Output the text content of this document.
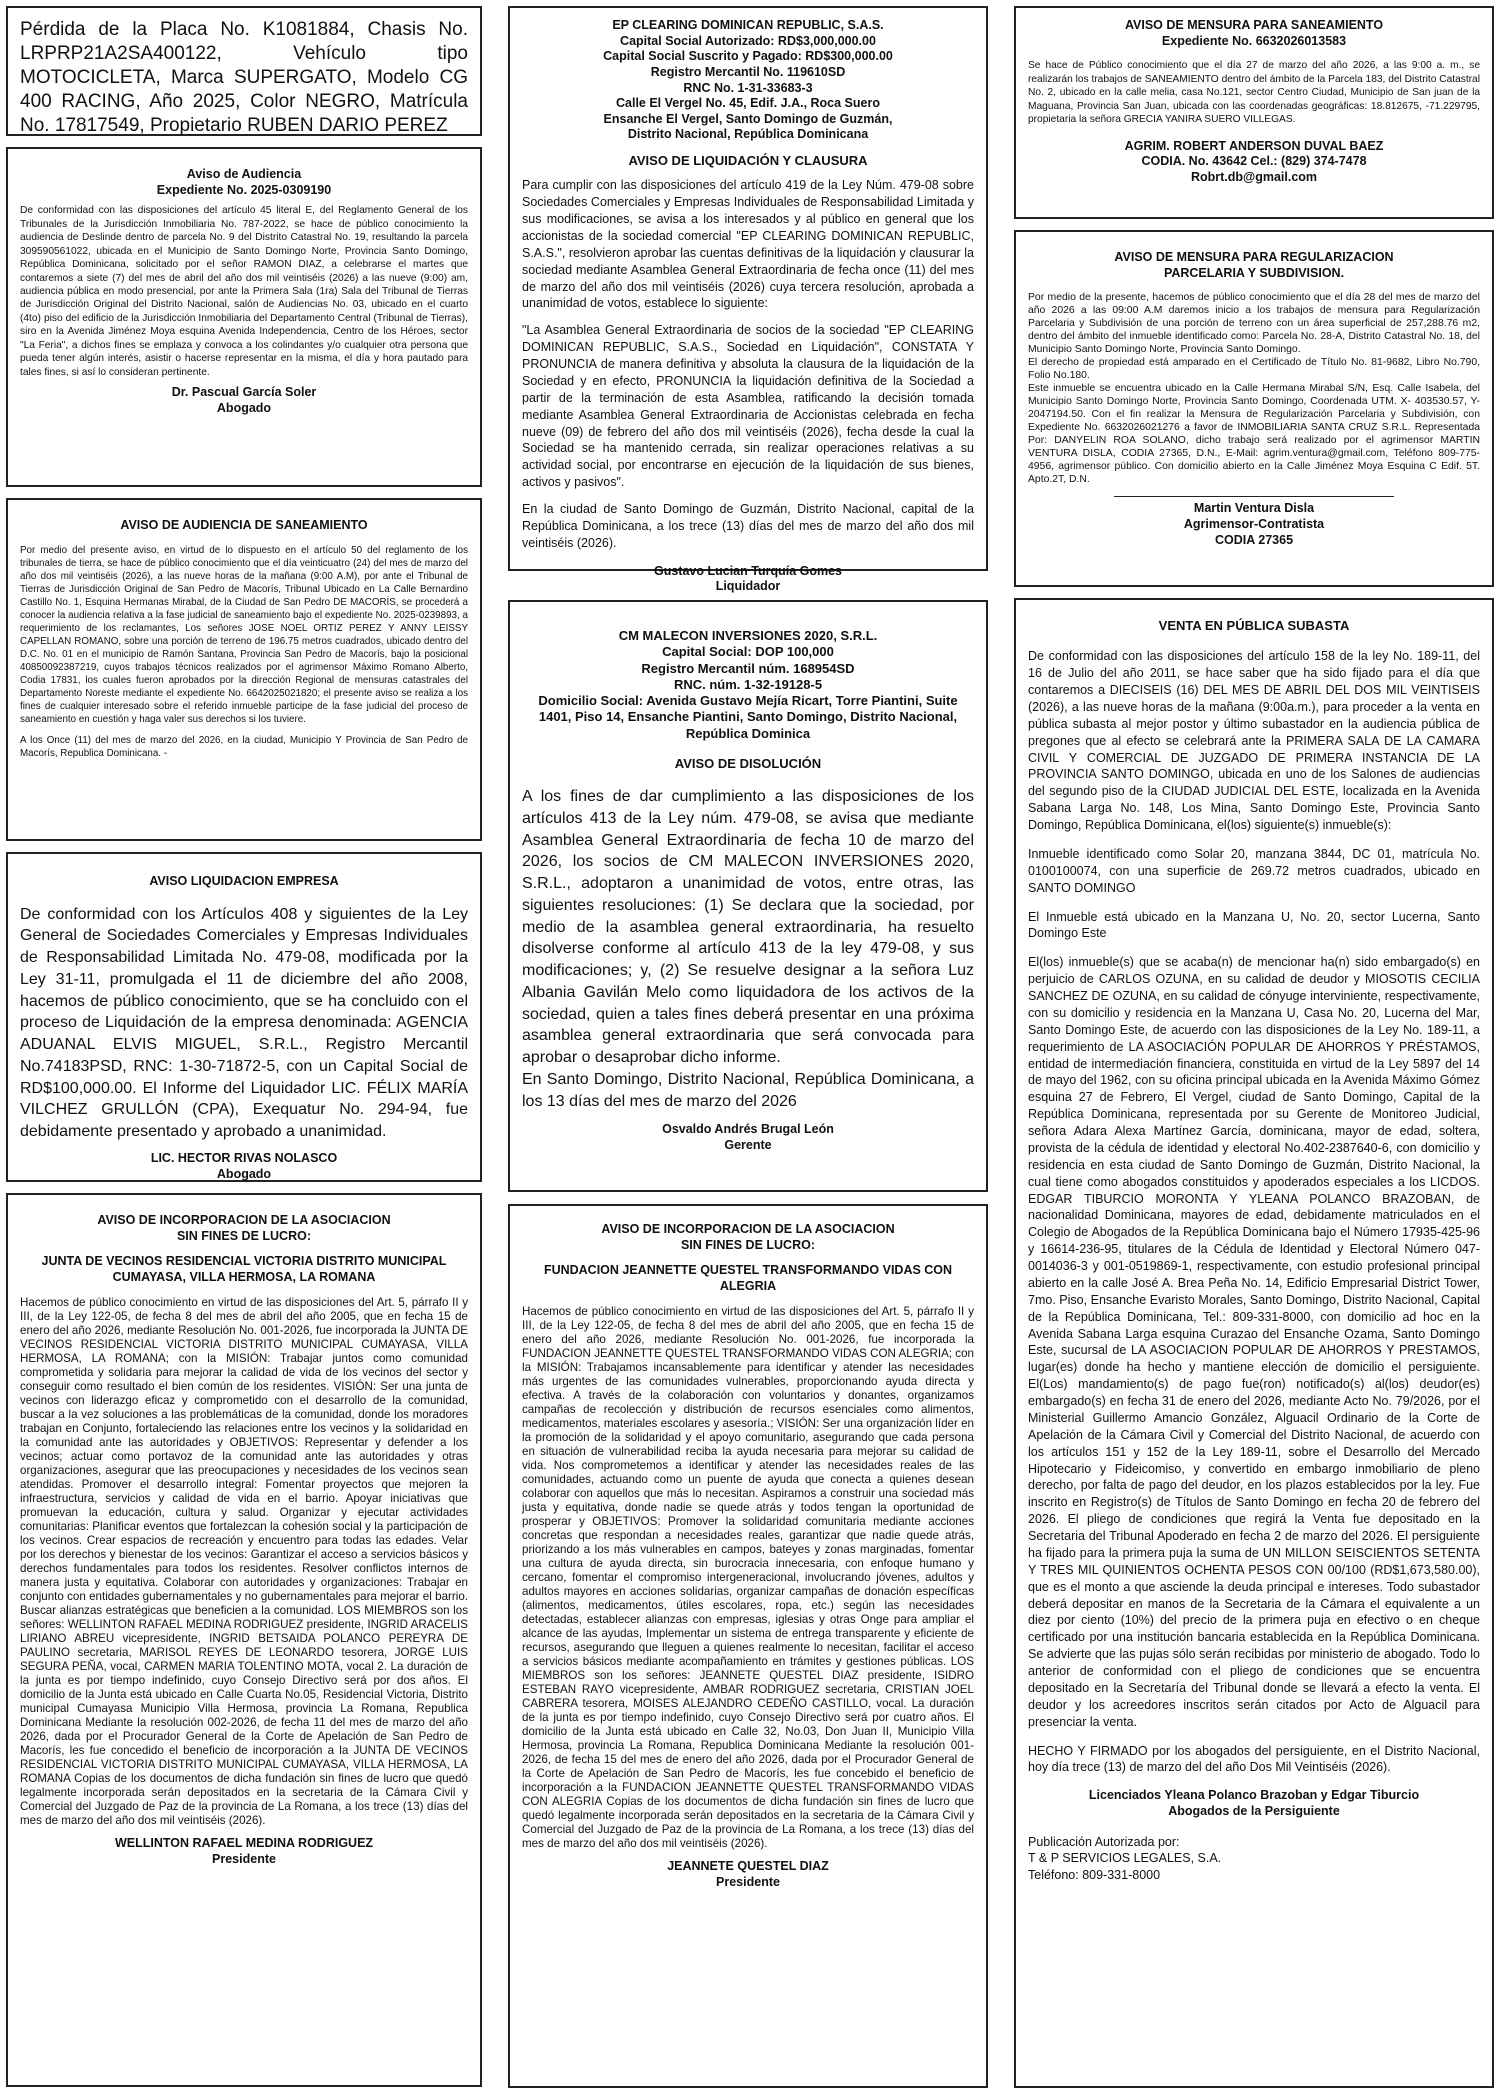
Pérdida de la Placa No. K1081884, Chasis No. LRPRP21A2SA400122, Vehículo tipo MOTOCICLETA, Marca SUPERGATO, Modelo CG 400 RACING, Año 2025, Color NEGRO, Matrícula No. 17817549, Propietario RUBEN DARIO PEREZ
Aviso de Audiencia
Expediente No. 2025-0309190
De conformidad con las disposiciones del artículo 45 literal E, del Reglamento General de los Tribunales de la Jurisdicción Inmobiliaria No. 787-2022, se hace de público conocimiento la audiencia de Deslinde dentro de parcela No. 9 del Distrito Catastral No. 19, resultando la parcela 309590561022, ubicada en el Municipio de Santo Domingo Norte, Provincia Santo Domingo, República Dominicana, solicitado por el señor RAMON DIAZ, a celebrarse el martes que contaremos a siete (7) del mes de abril del año dos mil veintiséis (2026) a las nueve (9:00) am, audiencia pública en modo presencial, por ante la Primera Sala (1ra) Sala del Tribunal de Tierras de Jurisdicción Original del Distrito Nacional, salón de Audiencias No. 03, ubicado en el cuarto (4to) piso del edificio de la Jurisdicción Inmobiliaria del Departamento Central (Tribunal de Tierras), siro en la Avenida Jiménez Moya esquina Avenida Independencia, Centro de los Héroes, sector "La Feria", a dichos fines se emplaza y convoca a los colindantes y/o cualquier otra persona que pueda tener algún interés, asistir o hacerse representar en la misma, el día y hora pautado para tales fines, si así lo consideran pertinente.
Dr. Pascual García Soler
Abogado
AVISO DE AUDIENCIA DE SANEAMIENTO
Por medio del presente aviso, en virtud de lo dispuesto en el artículo 50 del reglamento de los tribunales de tierra, se hace de público conocimiento que el día veinticuatro (24) del mes de marzo del año dos mil veintiséis (2026), a las nueve horas de la mañana (9:00 A.M), por ante el Tribunal de Tierras de Jurisdicción Original de San Pedro de Macorís, Tribunal Ubicado en La Calle Bernardino Castillo No. 1, Esquina Hermanas Mirabal, de la Ciudad de San Pedro DE MACORÍS, se procederá a conocer la audiencia relativa a la fase judicial de saneamiento bajo el expediente No. 2025-0239893, a requerimiento de los reclamantes, Los señores JOSE NOEL ORTIZ PEREZ Y ANNY LEISSY CAPELLAN ROMANO, sobre una porción de terreno de 196.75 metros cuadrados, ubicado dentro del D.C. No. 01 en el municipio de Ramón Santana, Provincia San Pedro de Macorís, bajo la posicional 40850092387219, cuyos trabajos técnicos realizados por el agrimensor Máximo Romano Alberto, Codia 17831, los cuales fueron aprobados por la dirección Regional de mensuras catastrales del Departamento Noreste mediante el expediente No. 6642025021820; el presente aviso se realiza a los fines de cualquier interesado sobre el referido inmueble participe de la fase judicial del proceso de saneamiento en cuestión y haga valer sus derechos si los tuviere.
A los Once (11) del mes de marzo del 2026, en la ciudad, Municipio Y Provincia de San Pedro de Macorís, Republica Dominicana. -
AVISO LIQUIDACION EMPRESA
De conformidad con los Artículos 408 y siguientes de la Ley General de Sociedades Comerciales y Empresas Individuales de Responsabilidad Limitada No. 479-08, modificada por la Ley 31-11, promulgada el 11 de diciembre del año 2008, hacemos de público conocimiento, que se ha concluido con el proceso de Liquidación de la empresa denominada: AGENCIA ADUANAL ELVIS MIGUEL, S.R.L., Registro Mercantil No.74183PSD, RNC: 1-30-71872-5, con un Capital Social de RD$100,000.00. El Informe del Liquidador LIC. FÉLIX MARÍA VILCHEZ GRULLÓN (CPA), Exequatur No. 294-94, fue debidamente presentado y aprobado a unanimidad.
LIC. HECTOR RIVAS NOLASCO
Abogado
AVISO DE INCORPORACION DE LA ASOCIACION
SIN FINES DE LUCRO:
JUNTA DE VECINOS RESIDENCIAL VICTORIA DISTRITO MUNICIPAL CUMAYASA, VILLA HERMOSA, LA ROMANA
Hacemos de público conocimiento en virtud de las disposiciones del Art. 5, párrafo II y III, de la Ley 122-05, de fecha 8 del mes de abril del año 2005, que en fecha 15 de enero del año 2026, mediante Resolución No. 001-2026, fue incorporada la JUNTA DE VECINOS RESIDENCIAL VICTORIA DISTRITO MUNICIPAL CUMAYASA, VILLA HERMOSA, LA ROMANA; con la MISIÓN: Trabajar juntos como comunidad comprometida y solidaria para mejorar la calidad de vida de los vecinos del sector y conseguir como resultado el bien común de los residentes. VISIÓN: Ser una junta de vecinos con liderazgo eficaz y comprometido con el desarrollo de la comunidad, buscar a la vez soluciones a las problemáticas de la comunidad, donde los moradores trabajan en Conjunto, fortaleciendo las relaciones entre los vecinos y la solidaridad en la comunidad ante las autoridades y OBJETIVOS: Representar y defender a los vecinos; actuar como portavoz de la comunidad ante las autoridades y otras organizaciones, asegurar que las preocupaciones y necesidades de los vecinos sean atendidas. Promover el desarrollo integral: Fomentar proyectos que mejoren la infraestructura, servicios y calidad de vida en el barrio. Apoyar iniciativas que promuevan la educación, cultura y salud. Organizar y ejecutar actividades comunitarias: Planificar eventos que fortalezcan la cohesión social y la participación de los vecinos. Crear espacios de recreación y encuentro para todas las edades. Velar por los derechos y bienestar de los vecinos: Garantizar el acceso a servicios básicos y derechos fundamentales para todos los residentes. Resolver conflictos internos de manera justa y equitativa. Colaborar con autoridades y organizaciones: Trabajar en conjunto con entidades gubernamentales y no gubernamentales para mejorar el barrio. Buscar alianzas estratégicas que beneficien a la comunidad. LOS MIEMBROS son los señores: WELLINTON RAFAEL MEDINA RODRIGUEZ presidente, INGRID ARACELIS LIRIANO ABREU vicepresidente, INGRID BETSAIDA POLANCO PEREYRA DE PAULINO secretaria, MARISOL REYES DE LEONARDO tesorera, JORGE LUIS SEGURA PEÑA, vocal, CARMEN MARIA TOLENTINO MOTA, vocal 2. La duración de la junta es por tiempo indefinido, cuyo Consejo Directivo será por dos años. El domicilio de la Junta está ubicado en Calle Cuarta No.05, Residencial Victoria, Distrito municipal Cumayasa Municipio Villa Hermosa, provincia La Romana, Republica Dominicana Mediante la resolución 002-2026, de fecha 11 del mes de marzo del año 2026, dada por el Procurador General de la Corte de Apelación de San Pedro de Macorís, les fue concedido el beneficio de incorporación a la JUNTA DE VECINOS RESIDENCIAL VICTORIA DISTRITO MUNICIPAL CUMAYASA, VILLA HERMOSA, LA ROMANA Copias de los documentos de dicha fundación sin fines de lucro que quedó legalmente incorporada serán depositados en la secretaria de la Cámara Civil y Comercial del Juzgado de Paz de la provincia de La Romana, a los trece (13) días del mes de marzo del año dos mil veintiséis (2026).
WELLINTON RAFAEL MEDINA RODRIGUEZ
Presidente
EP CLEARING DOMINICAN REPUBLIC, S.A.S.
Capital Social Autorizado: RD$3,000,000.00
Capital Social Suscrito y Pagado: RD$300,000.00
Registro Mercantil No. 119610SD
RNC No. 1-31-33683-3
Calle El Vergel No. 45, Edif. J.A., Roca Suero
Ensanche El Vergel, Santo Domingo de Guzmán,
Distrito Nacional, República Dominicana
AVISO DE LIQUIDACIÓN Y CLAUSURA
Para cumplir con las disposiciones del artículo 419 de la Ley Núm. 479-08 sobre Sociedades Comerciales y Empresas Individuales de Responsabilidad Limitada y sus modificaciones, se avisa a los interesados y al público en general que los accionistas de la sociedad comercial "EP CLEARING DOMINICAN REPUBLIC, S.A.S.", resolvieron aprobar las cuentas definitivas de la liquidación y clausurar la sociedad mediante Asamblea General Extraordinaria de fecha once (11) del mes de marzo del año dos mil veintiséis (2026) cuya tercera resolución, aprobada a unanimidad de votos, establece lo siguiente:
"La Asamblea General Extraordinaria de socios de la sociedad "EP CLEARING DOMINICAN REPUBLIC, S.A.S., Sociedad en Liquidación", CONSTATA Y PRONUNCIA de manera definitiva y absoluta la clausura de la liquidación de la Sociedad y en efecto, PRONUNCIA la liquidación definitiva de la Sociedad a partir de la terminación de esta Asamblea, ratificando la decisión tomada mediante Asamblea General Extraordinaria de Accionistas celebrada en fecha nueve (09) de febrero del año dos mil veintiséis (2026), fecha desde la cual la Sociedad se ha mantenido cerrada, sin realizar operaciones relativas a su actividad social, por encontrarse en ejecución de la liquidación de sus bienes, activos y pasivos".
En la ciudad de Santo Domingo de Guzmán, Distrito Nacional, capital de la República Dominicana, a los trece (13) días del mes de marzo del año dos mil veintiséis (2026).
Gustavo Lucian Turquía Gomes
Liquidador
CM MALECON INVERSIONES 2020, S.R.L.
Capital Social: DOP 100,000
Registro Mercantil núm. 168954SD
RNC. núm. 1-32-19128-5
Domicilio Social: Avenida Gustavo Mejía Ricart, Torre Piantini, Suite 1401, Piso 14, Ensanche Piantini, Santo Domingo, Distrito Nacional, República Dominica
AVISO DE DISOLUCIÓN
A los fines de dar cumplimiento a las disposiciones de los artículos 413 de la Ley núm. 479-08, se avisa que mediante Asamblea General Extraordinaria de fecha 10 de marzo del 2026, los socios de CM MALECON INVERSIONES 2020, S.R.L., adoptaron a unanimidad de votos, entre otras, las siguientes resoluciones: (1) Se declara que la sociedad, por medio de la asamblea general extraordinaria, ha resuelto disolverse conforme al artículo 413 de la ley 479-08, y sus modificaciones; y, (2) Se resuelve designar a la señora Luz Albania Gavilán Melo como liquidadora de los activos de la sociedad, quien a tales fines deberá presentar en una próxima asamblea general extraordinaria que será convocada para aprobar o desaprobar dicho informe.
En Santo Domingo, Distrito Nacional, República Dominicana, a los 13 días del mes de marzo del 2026
Osvaldo Andrés Brugal León
Gerente
AVISO DE INCORPORACION DE LA ASOCIACION
SIN FINES DE LUCRO:
FUNDACION JEANNETTE QUESTEL TRANSFORMANDO VIDAS CON ALEGRIA
Hacemos de público conocimiento en virtud de las disposiciones del Art. 5, párrafo II y III, de la Ley 122-05, de fecha 8 del mes de abril del año 2005, que en fecha 15 de enero del año 2026, mediante Resolución No. 001-2026, fue incorporada la FUNDACION JEANNETTE QUESTEL TRANSFORMANDO VIDAS CON ALEGRIA; con la MISIÓN: Trabajamos incansablemente para identificar y atender las necesidades más urgentes de las comunidades vulnerables, proporcionando ayuda directa y efectiva. A través de la colaboración con voluntarios y donantes, organizamos campañas de recolección y distribución de recursos esenciales como alimentos, medicamentos, materiales escolares y asesoría.; VISIÓN: Ser una organización líder en la promoción de la solidaridad y el apoyo comunitario, asegurando que cada persona en situación de vulnerabilidad reciba la ayuda necesaria para mejorar su calidad de vida. Nos comprometemos a identificar y atender las necesidades reales de las comunidades, actuando como un puente de ayuda que conecta a quienes desean colaborar con aquellos que más lo necesitan. Aspiramos a construir una sociedad más justa y equitativa, donde nadie se quede atrás y todos tengan la oportunidad de prosperar y OBJETIVOS: Promover la solidaridad comunitaria mediante acciones concretas que respondan a necesidades reales, garantizar que nadie quede atrás, priorizando a los más vulnerables en campos, bateyes y zonas marginadas, fomentar una cultura de ayuda directa, sin burocracia innecesaria, con enfoque humano y cercano, fomentar el compromiso intergeneracional, involucrando jóvenes, adultos y adultos mayores en acciones solidarias, organizar campañas de donación específicas (alimentos, medicamentos, útiles escolares, ropa, etc.) según las necesidades detectadas, establecer alianzas con empresas, iglesias y otras Onge para ampliar el alcance de las ayudas, Implementar un sistema de entrega transparente y eficiente de recursos, asegurando que lleguen a quienes realmente lo necesitan, facilitar el acceso a servicios básicos mediante acompañamiento en trámites y gestiones públicas. LOS MIEMBROS son los señores: JEANNETE QUESTEL DIAZ presidente, ISIDRO ESTEBAN RAYO vicepresidente, AMBAR RODRIGUEZ secretaria, CRISTIAN JOEL CABRERA tesorera, MOISES ALEJANDRO CEDEÑO CASTILLO, vocal. La duración de la junta es por tiempo indefinido, cuyo Consejo Directivo será por cuatro años. El domicilio de la Junta está ubicado en Calle 32, No.03, Don Juan II, Municipio Villa Hermosa, provincia La Romana, Republica Dominicana Mediante la resolución 001-2026, de fecha 15 del mes de enero del año 2026, dada por el Procurador General de la Corte de Apelación de San Pedro de Macorís, les fue concebido el beneficio de incorporación a la FUNDACION JEANNETTE QUESTEL TRANSFORMANDO VIDAS CON ALEGRIA Copias de los documentos de dicha fundación sin fines de lucro que quedó legalmente incorporada serán depositados en la secretaria de la Cámara Civil y Comercial del Juzgado de Paz de la provincia de La Romana, a los trece (13) días del mes de marzo del año dos mil veintiséis (2026).
JEANNETE QUESTEL DIAZ
Presidente
AVISO DE MENSURA PARA SANEAMIENTO
Expediente No. 6632026013583
Se hace de Público conocimiento que el día 27 de marzo del año 2026, a las 9:00 a. m., se realizarán los trabajos de SANEAMIENTO dentro del ámbito de la Parcela 183, del Distrito Catastral No. 2, ubicado en la calle melia, casa No.121, sector Centro Ciudad, Municipio de San juan de la Maguana, Provincia San Juan, ubicada con las coordenadas geográficas: 18.812675, -71.229795, propietaria la señora GRECIA YANIRA SUERO VILLEGAS.
AGRIM. ROBERT ANDERSON DUVAL BAEZ
CODIA. No. 43642 Cel.: (829) 374-7478
Robrt.db@gmail.com
AVISO DE MENSURA PARA REGULARIZACION
PARCELARIA Y SUBDIVISION.
Por medio de la presente, hacemos de público conocimiento que el día 28 del mes de marzo del año 2026 a las 09:00 A.M daremos inicio a los trabajos de mensura para Regularización Parcelaria y Subdivisión de una porción de terreno con un área superficial de 257,288.76 m2, dentro del ámbito del inmueble identificado como: Parcela No. 28-A, Distrito Catastral No. 18, del Municipio Santo Domingo Norte, Provincia Santo Domingo.
El derecho de propiedad está amparado en el Certificado de Título No. 81-9682, Libro No.790, Folio No.180.
Este inmueble se encuentra ubicado en la Calle Hermana Mirabal S/N, Esq. Calle Isabela, del Municipio Santo Domingo Norte, Provincia Santo Domingo, Coordenada UTM. X- 403530.57, Y- 2047194.50. Con el fin realizar la Mensura de Regularización Parcelaria y Subdivisión, con Expediente No. 6632026021276 a favor de INMOBILIARIA SANTA CRUZ S.R.L. Representada Por: DANYELIN ROA SOLANO, dicho trabajo será realizado por el agrimensor MARTIN VENTURA DISLA, CODIA 27365, D.N., E-Mail: agrim.ventura@gmail.com, Teléfono 809-775-4956, agrimensor público. Con domicilio abierto en la Calle Jiménez Moya Esquina C Edif. 5T. Apto.2T, D.N.
Martin Ventura Disla
Agrimensor-Contratista
CODIA 27365
VENTA EN PÚBLICA SUBASTA
De conformidad con las disposiciones del artículo 158 de la ley No. 189-11, del 16 de Julio del año 2011, se hace saber que ha sido fijado para el día que contaremos a DIECISEIS (16) DEL MES DE ABRIL DEL DOS MIL VEINTISEIS (2026), a las nueve horas de la mañana (9:00a.m.), para proceder a la venta en pública subasta al mejor postor y último subastador en la audiencia pública de pregones que al efecto se celebrará ante la PRIMERA SALA DE LA CAMARA CIVIL Y COMERCIAL DE JUZGADO DE PRIMERA INSTANCIA DE LA PROVINCIA SANTO DOMINGO, ubicada en uno de los Salones de audiencias del segundo piso de la CIUDAD JUDICIAL DEL ESTE, localizada en la Avenida Sabana Larga No. 148, Los Mina, Santo Domingo Este, Provincia Santo Domingo, República Dominicana, el(los) siguiente(s) inmueble(s):
Inmueble identificado como Solar 20, manzana 3844, DC 01, matrícula No. 0100100074, con una superficie de 269.72 metros cuadrados, ubicado en SANTO DOMINGO
El Inmueble está ubicado en la Manzana U, No. 20, sector Lucerna, Santo Domingo Este
El(los) inmueble(s) que se acaba(n) de mencionar ha(n) sido embargado(s) en perjuicio de CARLOS OZUNA, en su calidad de deudor y MIOSOTIS CECILIA SANCHEZ DE OZUNA, en su calidad de cónyuge interviniente, respectivamente, con su domicilio y residencia en la Manzana U, Casa No. 20, Lucerna del Mar, Santo Domingo Este, de acuerdo con las disposiciones de la Ley No. 189-11, a requerimiento de LA ASOCIACIÓN POPULAR DE AHORROS Y PRÉSTAMOS, entidad de intermediación financiera, constituida en virtud de la Ley 5897 del 14 de mayo del 1962, con su oficina principal ubicada en la Avenida Máximo Gómez esquina 27 de Febrero, El Vergel, ciudad de Santo Domingo, Capital de la República Dominicana, representada por su Gerente de Monitoreo Judicial, señora Adara Alexa Martínez García, dominicana, mayor de edad, soltera, provista de la cédula de identidad y electoral No.402-2387640-6, con domicilio y residencia en esta ciudad de Santo Domingo de Guzmán, Distrito Nacional, la cual tiene como abogados constituidos y apoderados especiales a los LICDOS. EDGAR TIBURCIO MORONTA Y YLEANA POLANCO BRAZOBAN, de nacionalidad Dominicana, mayores de edad, debidamente matriculados en el Colegio de Abogados de la República Dominicana bajo el Número 17935-425-96 y 16614-236-95, titulares de la Cédula de Identidad y Electoral Número 047-0014036-3 y 001-0519869-1, respectivamente, con estudio profesional principal abierto en la calle José A. Brea Peña No. 14, Edificio Empresarial District Tower, 7mo. Piso, Ensanche Evaristo Morales, Santo Domingo, Distrito Nacional, Capital de la República Dominicana, Tel.: 809-331-8000, con domicilio ad hoc en la Avenida Sabana Larga esquina Curazao del Ensanche Ozama, Santo Domingo Este, sucursal de LA ASOCIACION POPULAR DE AHORROS Y PRESTAMOS, lugar(es) donde ha hecho y mantiene elección de domicilio el persiguiente. El(Los) mandamiento(s) de pago fue(ron) notificado(s) al(los) deudor(es) embargado(s) en fecha 31 de enero del 2026, mediante Acto No. 79/2026, por el Ministerial Guillermo Amancio González, Alguacil Ordinario de la Corte de Apelación de la Cámara Civil y Comercial del Distrito Nacional, de acuerdo con los artículos 151 y 152 de la Ley 189-11, sobre el Desarrollo del Mercado Hipotecario y Fideicomiso, y convertido en embargo inmobiliario de pleno derecho, por falta de pago del deudor, en los plazos establecidos por la ley. Fue inscrito en Registro(s) de Títulos de Santo Domingo en fecha 20 de febrero del 2026. El pliego de condiciones que regirá la Venta fue depositado en la Secretaria del Tribunal Apoderado en fecha 2 de marzo del 2026. El persiguiente ha fijado para la primera puja la suma de UN MILLON SEISCIENTOS SETENTA Y TRES MIL QUINIENTOS OCHENTA PESOS CON 00/100 (RD$1,673,580.00), que es el monto a que asciende la deuda principal e intereses. Todo subastador deberá depositar en manos de la Secretaria de la Cámara el equivalente a un diez por ciento (10%) del precio de la primera puja en efectivo o en cheque certificado por una institución bancaria establecida en la República Dominicana. Se advierte que las pujas sólo serán recibidas por ministerio de abogado. Todo lo anterior de conformidad con el pliego de condiciones que se encuentra depositado en la Secretaría del Tribunal donde se llevará a efecto la venta. El deudor y los acreedores inscritos serán citados por Acto de Alguacil para presenciar la venta.
HECHO Y FIRMADO por los abogados del persiguiente, en el Distrito Nacional, hoy día trece (13) de marzo del del año Dos Mil Veintiséis (2026).
Licenciados Yleana Polanco Brazoban y Edgar Tiburcio
Abogados de la Persiguiente
Publicación Autorizada por:
T & P SERVICIOS LEGALES, S.A.
Teléfono: 809-331-8000
